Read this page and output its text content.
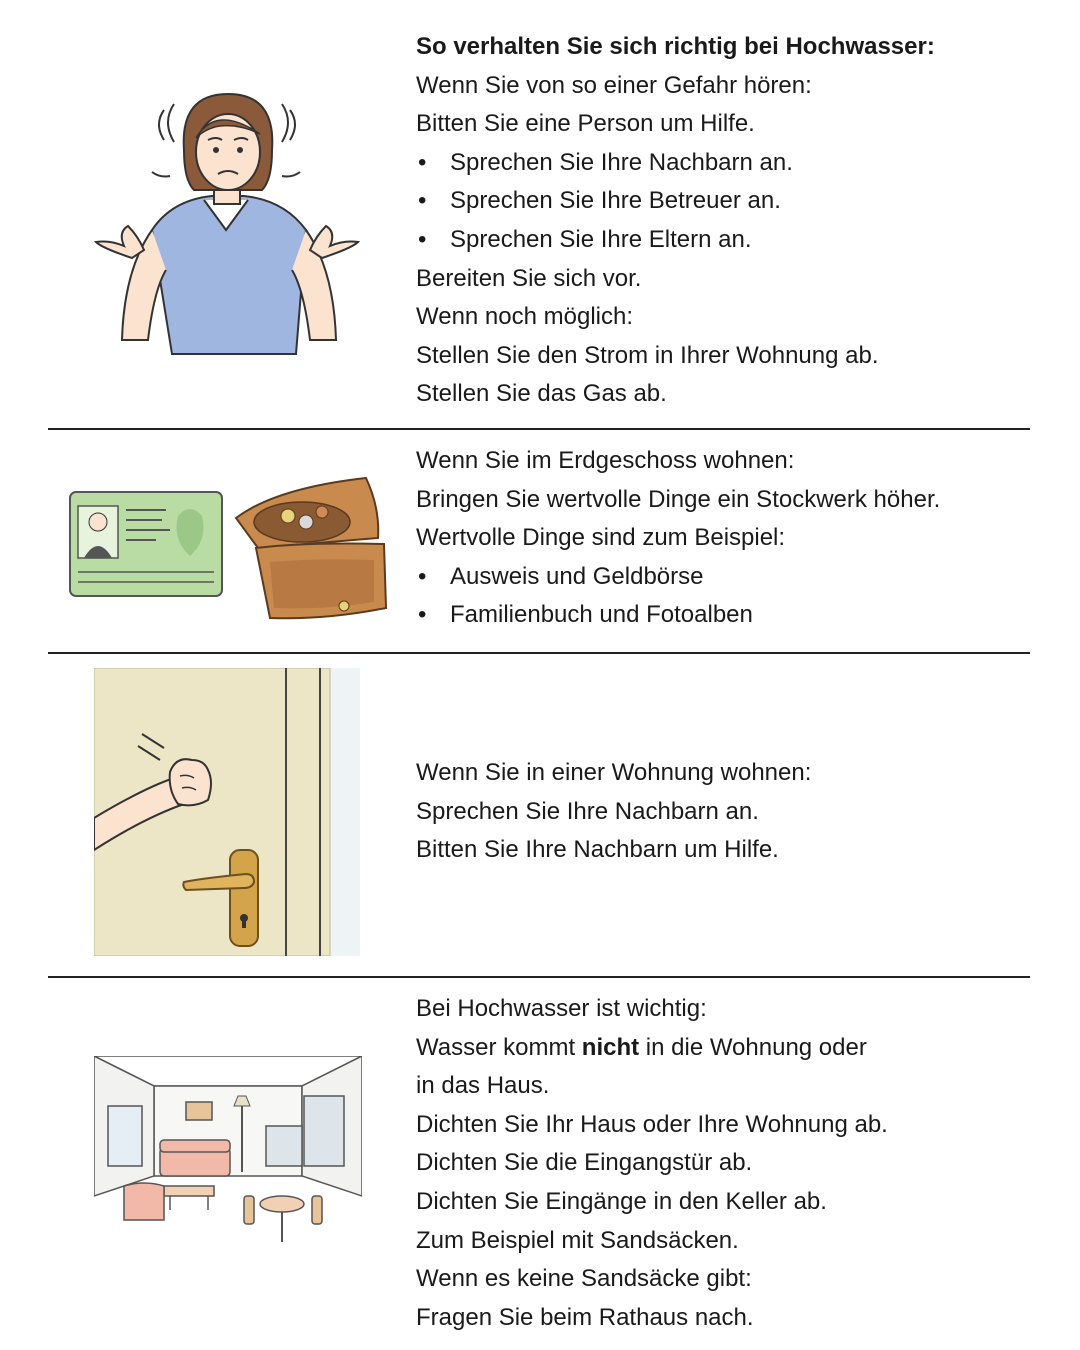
So verhalten Sie sich richtig bei Hochwasser:
Wenn Sie von so einer Gefahr hören:
Bitten Sie eine Person um Hilfe.
• Sprechen Sie Ihre Nachbarn an.
• Sprechen Sie Ihre Betreuer an.
• Sprechen Sie Ihre Eltern an.
Bereiten Sie sich vor.
Wenn noch möglich:
Stellen Sie den Strom in Ihrer Wohnung ab.
Stellen Sie das Gas ab.
Wenn Sie im Erdgeschoss wohnen:
Bringen Sie wertvolle Dinge ein Stockwerk höher.
Wertvolle Dinge sind zum Beispiel:
• Ausweis und Geldbörse
• Familienbuch und Fotoalben
Wenn Sie in einer Wohnung wohnen:
Sprechen Sie Ihre Nachbarn an.
Bitten Sie Ihre Nachbarn um Hilfe.
Bei Hochwasser ist wichtig:
Wasser kommt nicht in die Wohnung oder
in das Haus.
Dichten Sie Ihr Haus oder Ihre Wohnung ab.
Dichten Sie die Eingangstür ab.
Dichten Sie Eingänge in den Keller ab.
Zum Beispiel mit Sandsäcken.
Wenn es keine Sandsäcke gibt:
Fragen Sie beim Rathaus nach.
